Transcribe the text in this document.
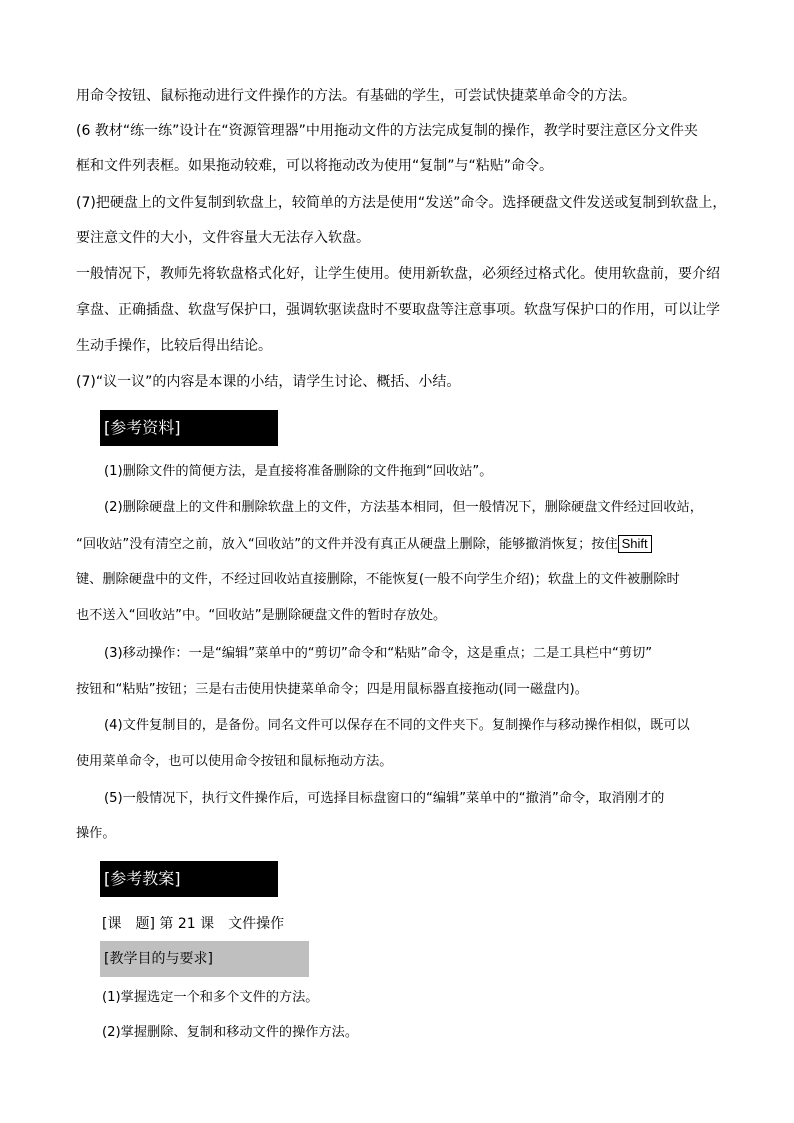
用命令按钮、鼠标拖动进行文件操作的方法。有基础的学生，可尝试快捷菜单命令的方法。
(6 教材“练一练”设计在“资源管理器”中用拖动文件的方法完成复制的操作，教学时要注意区分文件夹
框和文件列表框。如果拖动较难，可以将拖动改为使用“复制”与“粘贴”命令。
(7)把硬盘上的文件复制到软盘上，较简单的方法是使用“发送”命令。选择硬盘文件发送或复制到软盘上，
要注意文件的大小，文件容量大无法存入软盘。
一般情况下，教师先将软盘格式化好，让学生使用。使用新软盘，必须经过格式化。使用软盘前，要介绍
拿盘、正确插盘、软盘写保护口，强调软驱读盘时不要取盘等注意事项。软盘写保护口的作用，可以让学
生动手操作，比较后得出结论。
(7)“议一议”的内容是本课的小结，请学生讨论、概括、小结。
[参考资料]
(1)删除文件的简便方法，是直接将准备删除的文件拖到“回收站”。
(2)删除硬盘上的文件和删除软盘上的文件，方法基本相同，但一般情况下，删除硬盘文件经过回收站，
“回收站”没有清空之前，放入“回收站”的文件并没有真正从硬盘上删除，能够撤消恢复；按住 Shift
键、删除硬盘中的文件，不经过回收站直接删除，不能恢复(一般不向学生介绍)；软盘上的文件被删除时
也不送入“回收站”中。“回收站”是删除硬盘文件的暂时存放处。
(3)移动操作：一是“编辑”菜单中的“剪切”命令和“粘贴”命令，这是重点；二是工具栏中“剪切”
按钮和“粘贴”按钮；三是右击使用快捷菜单命令；四是用鼠标器直接拖动(同一磁盘内)。
(4)文件复制目的，是备份。同名文件可以保存在不同的文件夹下。复制操作与移动操作相似，既可以
使用菜单命令，也可以使用命令按钮和鼠标拖动方法。
(5)一般情况下，执行文件操作后，可选择目标盘窗口的“编辑”菜单中的“撤消”命令，取消刚才的
操作。
[参考教案]
[课　题] 第 21 课　文件操作
[教学目的与要求]
(1)掌握选定一个和多个文件的方法。
(2)掌握删除、复制和移动文件的操作方法。
